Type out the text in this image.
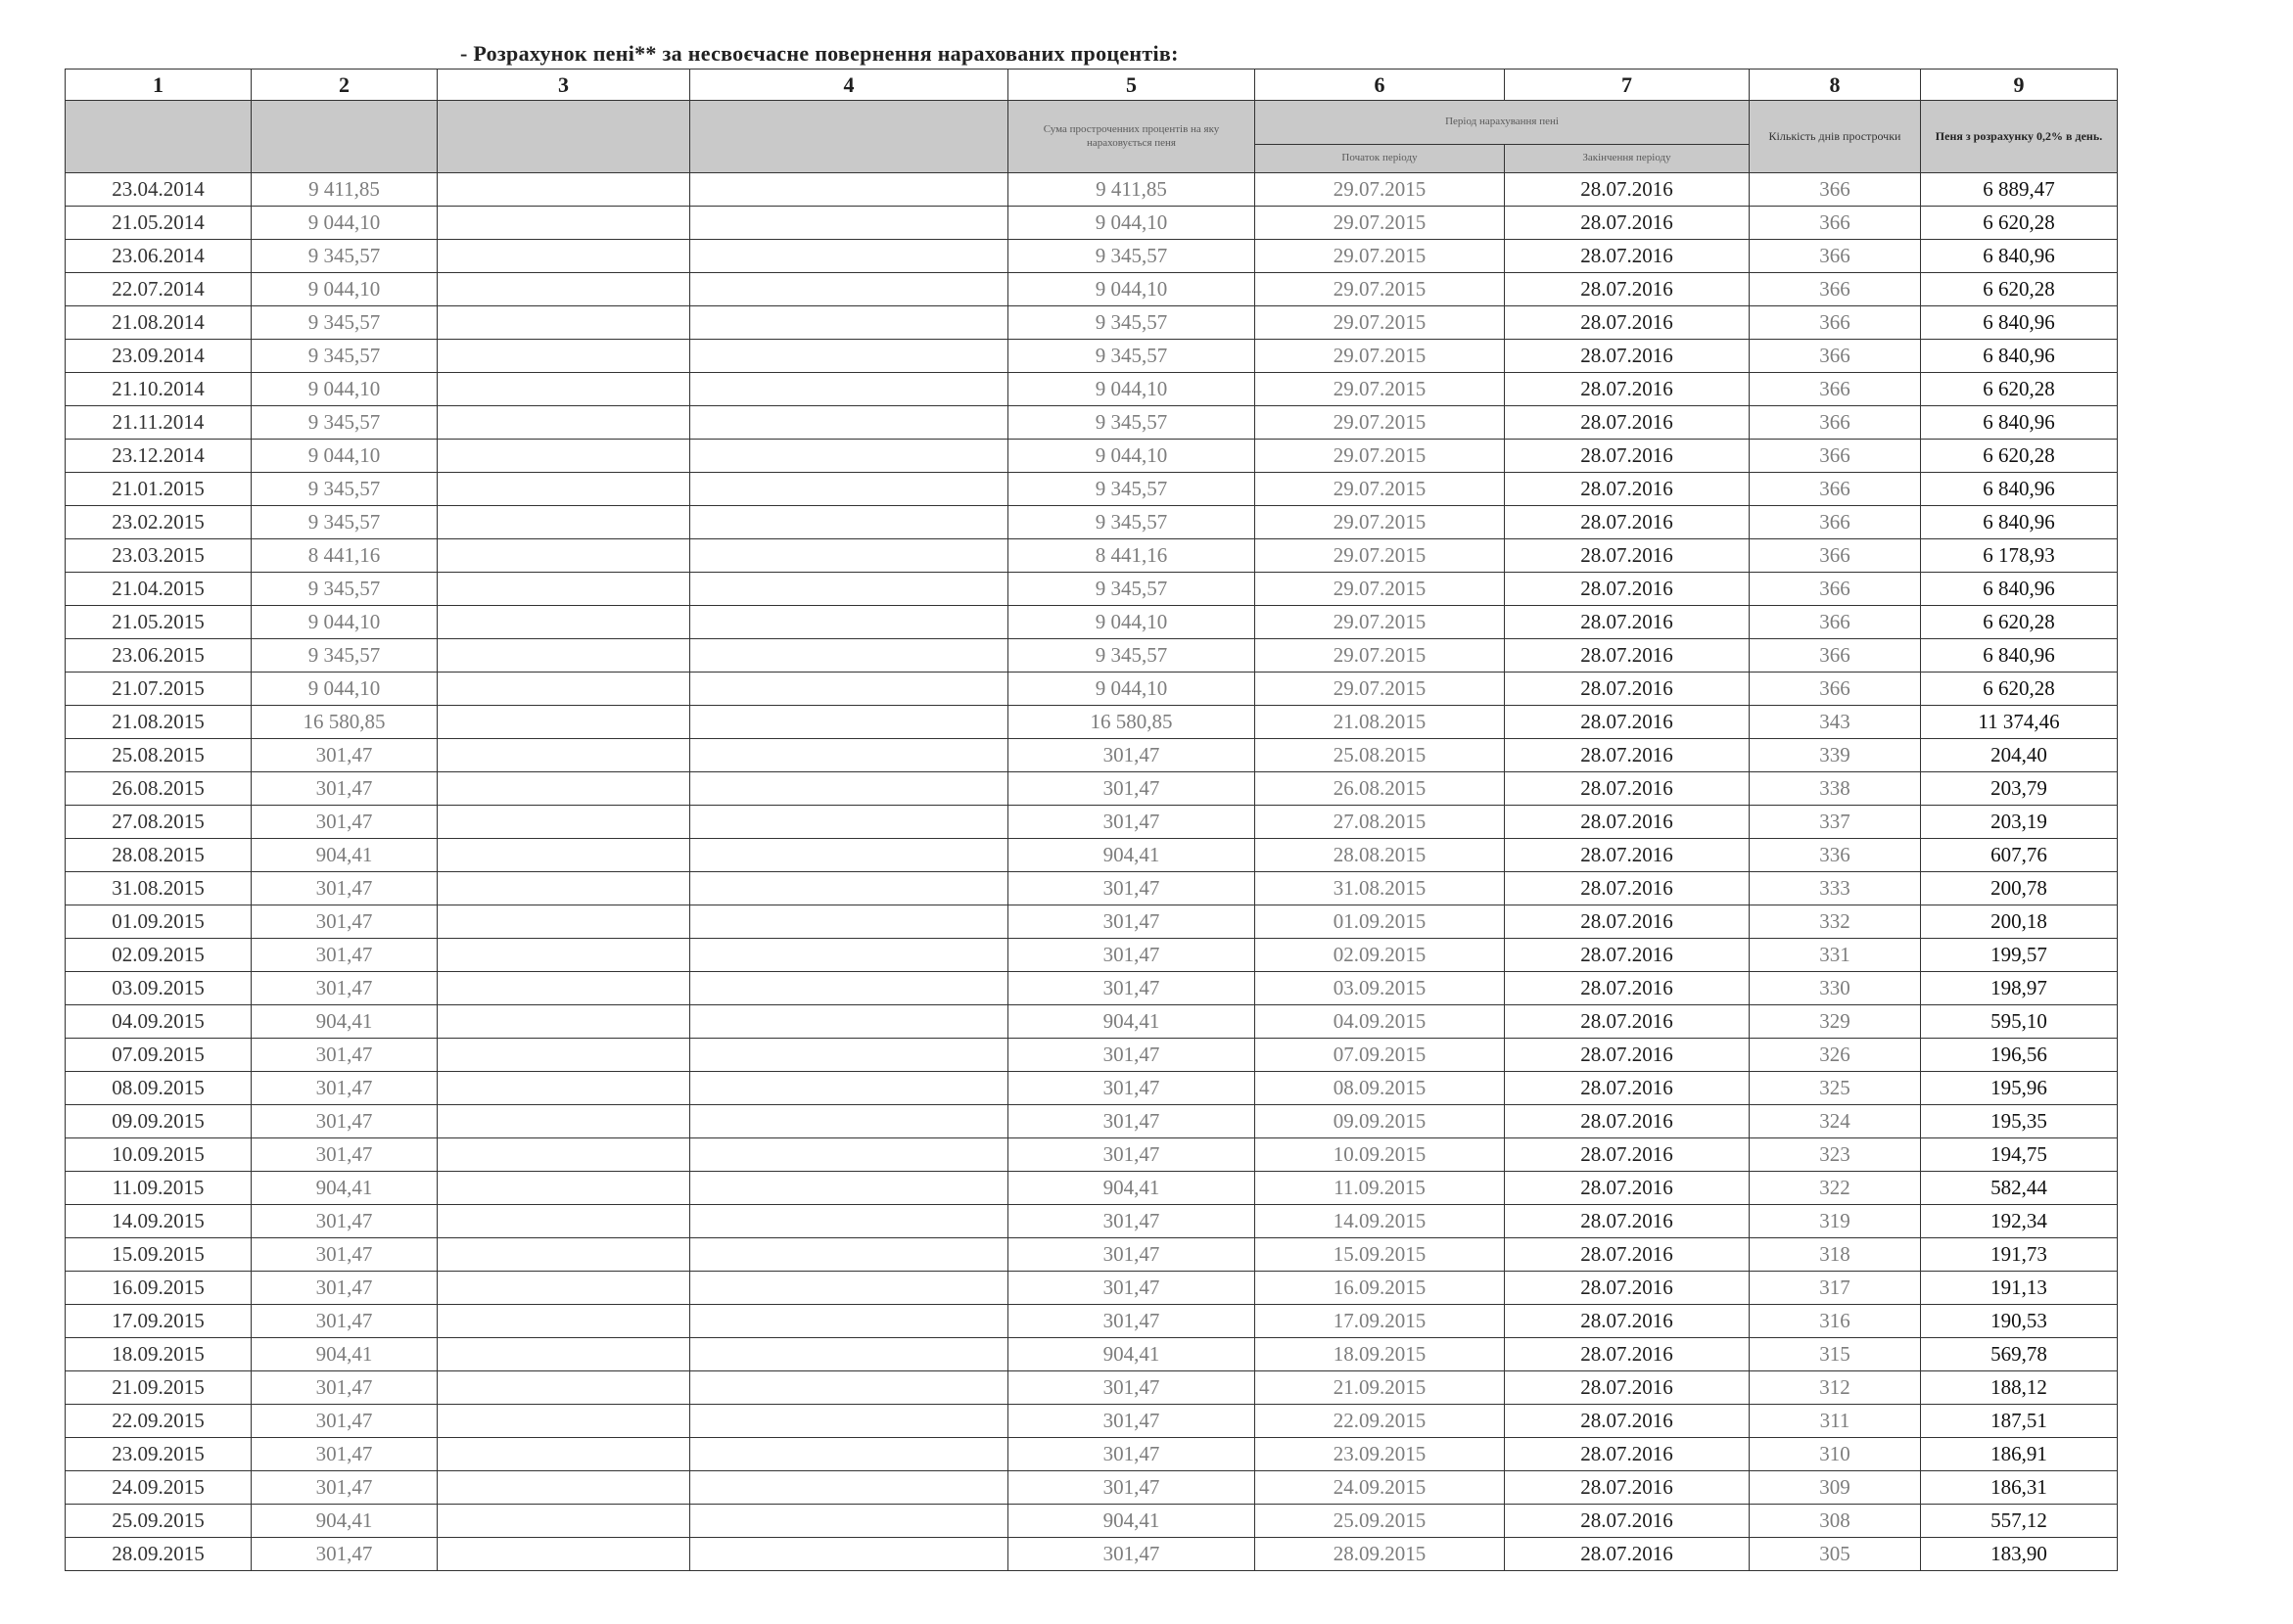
- Розрахунок пені** за несвоєчасне повернення нарахованих процентів:
1	2	3	4	5	6	7	8	9

				Сума простроченних процентів на яку нараховується пеня	Період нарахування пені		Кількість днів прострочки	Пеня з розрахунку 0,2% в день.

					Початок періоду	Закінчення періоду		

23.04.2014	9 411,85			9 411,85	29.07.2015	28.07.2016	366	6 889,47
21.05.2014	9 044,10			9 044,10	29.07.2015	28.07.2016	366	6 620,28
23.06.2014	9 345,57			9 345,57	29.07.2015	28.07.2016	366	6 840,96
22.07.2014	9 044,10			9 044,10	29.07.2015	28.07.2016	366	6 620,28
21.08.2014	9 345,57			9 345,57	29.07.2015	28.07.2016	366	6 840,96
23.09.2014	9 345,57			9 345,57	29.07.2015	28.07.2016	366	6 840,96
21.10.2014	9 044,10			9 044,10	29.07.2015	28.07.2016	366	6 620,28
21.11.2014	9 345,57			9 345,57	29.07.2015	28.07.2016	366	6 840,96
23.12.2014	9 044,10			9 044,10	29.07.2015	28.07.2016	366	6 620,28
21.01.2015	9 345,57			9 345,57	29.07.2015	28.07.2016	366	6 840,96
23.02.2015	9 345,57			9 345,57	29.07.2015	28.07.2016	366	6 840,96
23.03.2015	8 441,16			8 441,16	29.07.2015	28.07.2016	366	6 178,93
21.04.2015	9 345,57			9 345,57	29.07.2015	28.07.2016	366	6 840,96
21.05.2015	9 044,10			9 044,10	29.07.2015	28.07.2016	366	6 620,28
23.06.2015	9 345,57			9 345,57	29.07.2015	28.07.2016	366	6 840,96
21.07.2015	9 044,10			9 044,10	29.07.2015	28.07.2016	366	6 620,28
21.08.2015	16 580,85			16 580,85	21.08.2015	28.07.2016	343	11 374,46
25.08.2015	301,47			301,47	25.08.2015	28.07.2016	339	204,40
26.08.2015	301,47			301,47	26.08.2015	28.07.2016	338	203,79
27.08.2015	301,47			301,47	27.08.2015	28.07.2016	337	203,19
28.08.2015	904,41			904,41	28.08.2015	28.07.2016	336	607,76
31.08.2015	301,47			301,47	31.08.2015	28.07.2016	333	200,78
01.09.2015	301,47			301,47	01.09.2015	28.07.2016	332	200,18
02.09.2015	301,47			301,47	02.09.2015	28.07.2016	331	199,57
03.09.2015	301,47			301,47	03.09.2015	28.07.2016	330	198,97
04.09.2015	904,41			904,41	04.09.2015	28.07.2016	329	595,10
07.09.2015	301,47			301,47	07.09.2015	28.07.2016	326	196,56
08.09.2015	301,47			301,47	08.09.2015	28.07.2016	325	195,96
09.09.2015	301,47			301,47	09.09.2015	28.07.2016	324	195,35
10.09.2015	301,47			301,47	10.09.2015	28.07.2016	323	194,75
11.09.2015	904,41			904,41	11.09.2015	28.07.2016	322	582,44
14.09.2015	301,47			301,47	14.09.2015	28.07.2016	319	192,34
15.09.2015	301,47			301,47	15.09.2015	28.07.2016	318	191,73
16.09.2015	301,47			301,47	16.09.2015	28.07.2016	317	191,13
17.09.2015	301,47			301,47	17.09.2015	28.07.2016	316	190,53
18.09.2015	904,41			904,41	18.09.2015	28.07.2016	315	569,78
21.09.2015	301,47			301,47	21.09.2015	28.07.2016	312	188,12
22.09.2015	301,47			301,47	22.09.2015	28.07.2016	311	187,51
23.09.2015	301,47			301,47	23.09.2015	28.07.2016	310	186,91
24.09.2015	301,47			301,47	24.09.2015	28.07.2016	309	186,31
25.09.2015	904,41			904,41	25.09.2015	28.07.2016	308	557,12
28.09.2015	301,47			301,47	28.09.2015	28.07.2016	305	183,90
